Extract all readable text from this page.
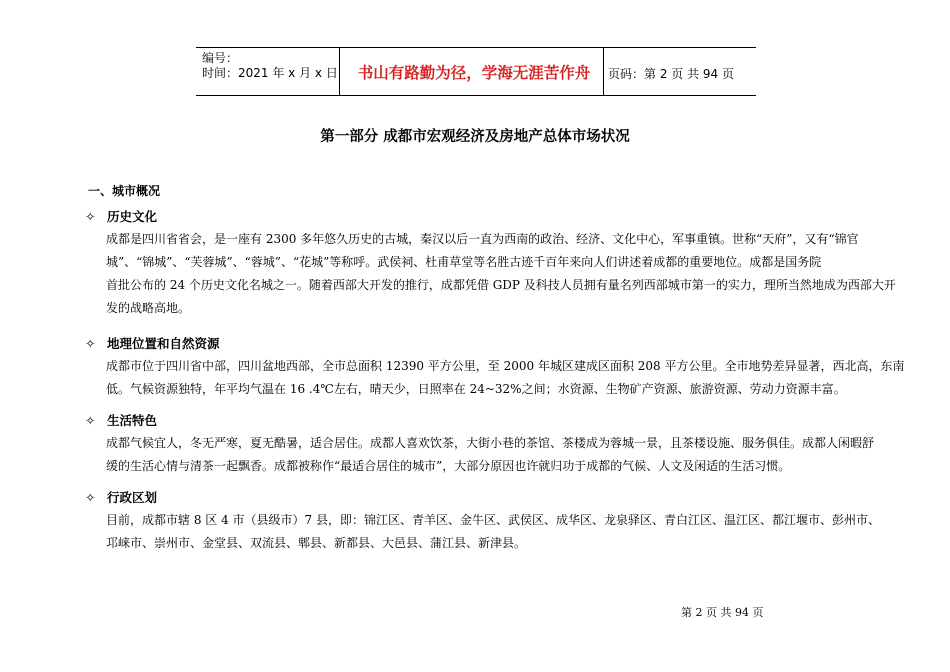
编号：
时间：2021 年 x 月 x 日	书山有路勤为径，学海无涯苦作舟	页码：第 2 页 共 94 页
第一部分 成都市宏观经济及房地产总体市场状况
一、城市概况
✧ 历史文化
成都是四川省省会，是一座有 2300 多年悠久历史的古城，秦汉以后一直为西南的政治、经济、文化中心，军事重镇。世称“天府”，又有“锦官
城”、“锦城”、“芙蓉城”、“蓉城”、“花城”等称呼。武侯祠、杜甫草堂等名胜古迹千百年来向人们讲述着成都的重要地位。成都是国务院
首批公布的 24 个历史文化名城之一。随着西部大开发的推行，成都凭借 GDP 及科技人员拥有量名列西部城市第一的实力，理所当然地成为西部大开
发的战略高地。
✧ 地理位置和自然资源
成都市位于四川省中部，四川盆地西部，全市总面积 12390 平方公里，至 2000 年城区建成区面积 208 平方公里。全市地势差异显著，西北高，东南
低。气候资源独特，年平均气温在 16 .4℃左右，晴天少，日照率在 24~32%之间；水资源、生物矿产资源、旅游资源、劳动力资源丰富。
✧ 生活特色
成都气候宜人，冬无严寒，夏无酷暑，适合居住。成都人喜欢饮茶，大街小巷的茶馆、茶楼成为蓉城一景，且茶楼设施、服务俱佳。成都人闲暇舒
缓的生活心情与清茶一起飘香。成都被称作“最适合居住的城市”，大部分原因也许就归功于成都的气候、人文及闲适的生活习惯。
✧ 行政区划
目前，成都市辖 8 区 4 市（县级市）7 县，即：锦江区、青羊区、金牛区、武侯区、成华区、龙泉驿区、青白江区、温江区、都江堰市、彭州市、
邛崃市、崇州市、金堂县、双流县、郫县、新都县、大邑县、蒲江县、新津县。
第 2 页 共 94 页
